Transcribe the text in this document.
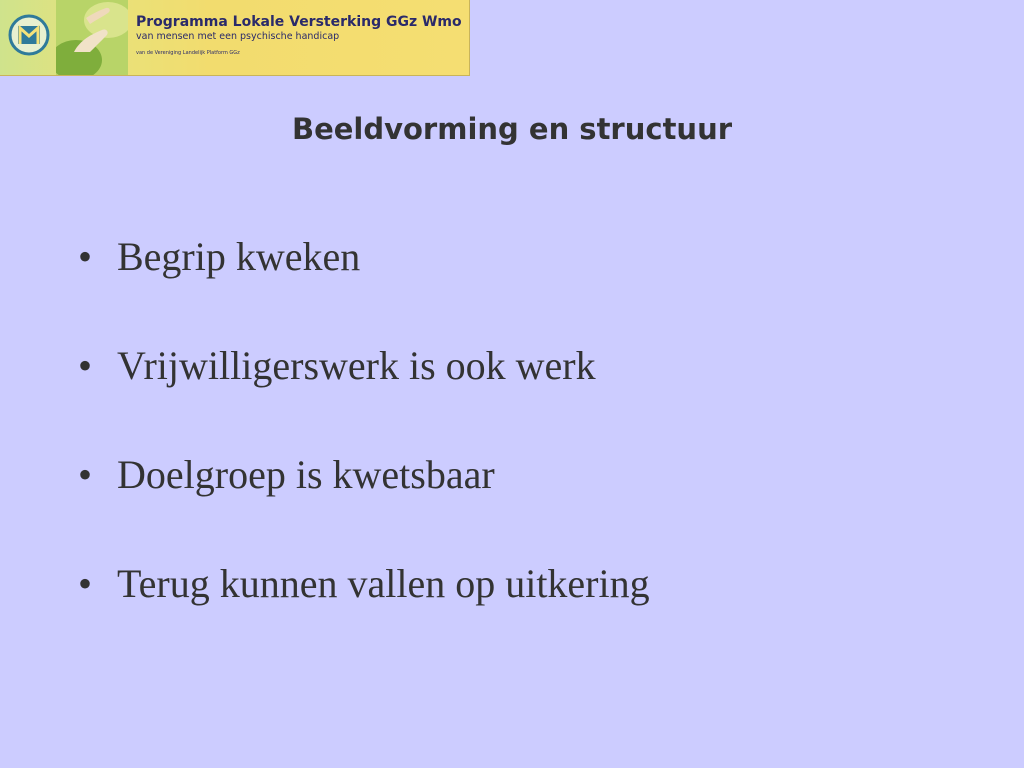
Programma Lokale Versterking GGz Wmo
van mensen met een psychische handicap
van de Vereniging Landelijk Platform GGz
Beeldvorming en structuur
• Begrip kweken
• Vrijwilligerswerk is ook werk
• Doelgroep is kwetsbaar
• Terug kunnen vallen op uitkering
